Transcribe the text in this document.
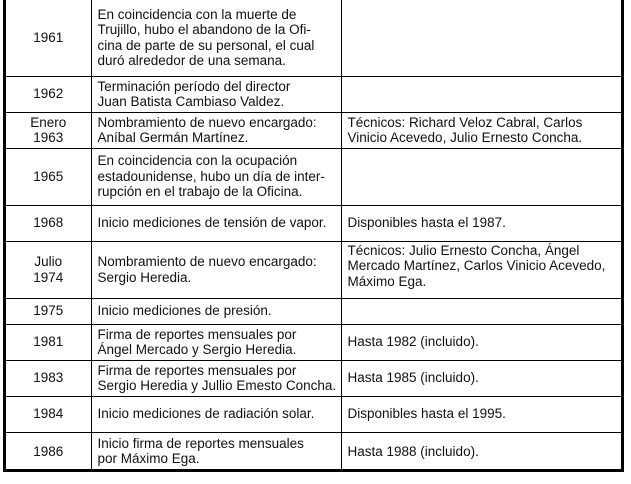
1961	En coincidencia con la muerte de
Trujillo, hubo el abandono de la Ofi-
cina de parte de su personal, el cual
duró alrededor de una semana.	

1962	Terminación período del director
Juan Batista Cambiaso Valdez.	

Enero
1963	Nombramiento de nuevo encargado:
Aníbal Germán Martínez.	Técnicos: Richard Veloz Cabral, Carlos
Vinicio Acevedo, Julio Ernesto Concha.

1965	En coincidencia con la ocupación
estadounidense, hubo un día de inter-
rupción en el trabajo de la Oficina.	

1968	Inicio mediciones de tensión de vapor.	Disponibles hasta el 1987.

Julio
1974	Nombramiento de nuevo encargado:
Sergio Heredia.	Técnicos: Julio Ernesto Concha, Ángel
Mercado Martínez, Carlos Vinicio Acevedo,
Máximo Ega.

1975	Inicio mediciones de presión.	

1981	Firma de reportes mensuales por
Ángel Mercado y Sergio Heredia.	Hasta 1982 (incluido).

1983	Firma de reportes mensuales por
Sergio Heredia y Jullio Emesto Concha.	Hasta 1985 (incluido).

1984	Inicio mediciones de radiación solar.	Disponibles hasta el 1995.

1986	Inicio firma de reportes mensuales
por Máximo Ega.	Hasta 1988 (incluido).
